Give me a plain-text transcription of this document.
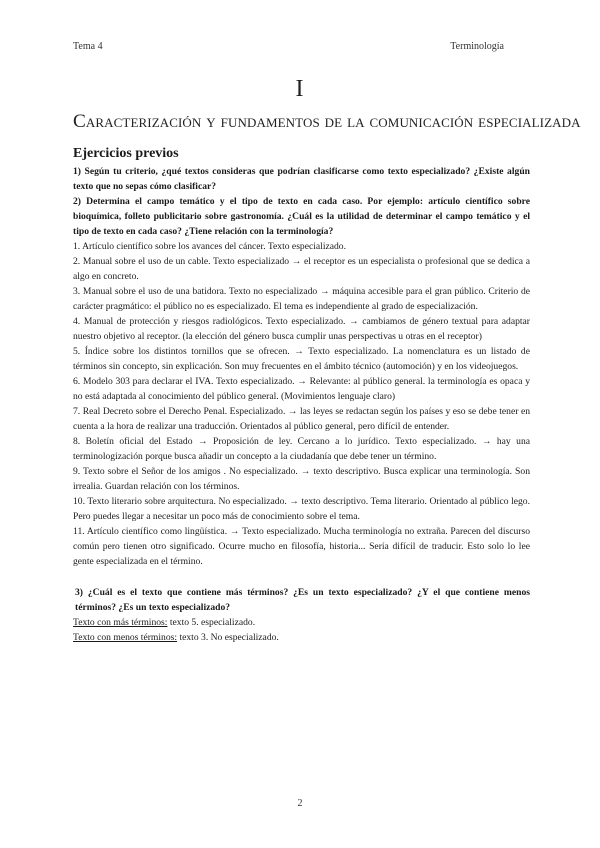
Tema 4	Terminología
I
Caracterización y fundamentos de la comunicación especializada
Ejercicios previos

1) Según tu criterio, ¿qué textos consideras que podrían clasificarse como texto especializado? ¿Existe algún texto que no sepas cómo clasificar?

2) Determina el campo temático y el tipo de texto en cada caso. Por ejemplo: artículo científico sobre bioquímica, folleto publicitario sobre gastronomía. ¿Cuál es la utilidad de determinar el campo temático y el tipo de texto en cada caso? ¿Tiene relación con la terminología?

1. Artículo científico sobre los avances del cáncer. Texto especializado.

2. Manual sobre el uso de un cable. Texto especializado → el receptor es un especialista o profesional que se dedica a algo en concreto.

3. Manual sobre el uso de una batidora. Texto no especializado → máquina accesible para el gran público. Criterio de carácter pragmático: el público no es especializado. El tema es independiente al grado de especialización.

4. Manual de protección y riesgos radiológicos. Texto especializado. → cambiamos de género textual para adaptar nuestro objetivo al receptor. (la elección del género busca cumplir unas perspectivas u otras en el receptor)

5. Índice sobre los distintos tornillos que se ofrecen. → Texto especializado. La nomenclatura es un listado de términos sin concepto, sin explicación. Son muy frecuentes en el ámbito técnico (automoción) y en los videojuegos.

6. Modelo 303 para declarar el IVA. Texto especializado. → Relevante: al público general. la terminología es opaca y no está adaptada al conocimiento del público general. (Movimientos lenguaje claro)

7. Real Decreto sobre el Derecho Penal. Especializado. → las leyes se redactan según los países y eso se debe tener en cuenta a la hora de realizar una traducción. Orientados al público general, pero difícil de entender.

8. Boletín oficial del Estado → Proposición de ley. Cercano a lo jurídico. Texto especializado. → hay una terminologización porque busca añadir un concepto a la ciudadanía que debe tener un término.

9. Texto sobre el Señor de los amigos . No especializado. → texto descriptivo. Busca explicar una terminología. Son irrealia. Guardan relación con los términos.

10. Texto literario sobre arquitectura. No especializado. → texto descriptivo. Tema literario. Orientado al público lego. Pero puedes llegar a necesitar un poco más de conocimiento sobre el tema.

11. Artículo científico como lingüística. → Texto especializado. Mucha terminología no extraña. Parecen del discurso común pero tienen otro significado. Ocurre mucho en filosofía, historia... Sería difícil de traducir. Esto solo lo lee gente especializada en el término.

3) ¿Cuál es el texto que contiene más términos? ¿Es un texto especializado? ¿Y el que contiene menos términos? ¿Es un texto especializado?

Texto con más términos: texto 5. especializado.

Texto con menos términos: texto 3. No especializado.

2
